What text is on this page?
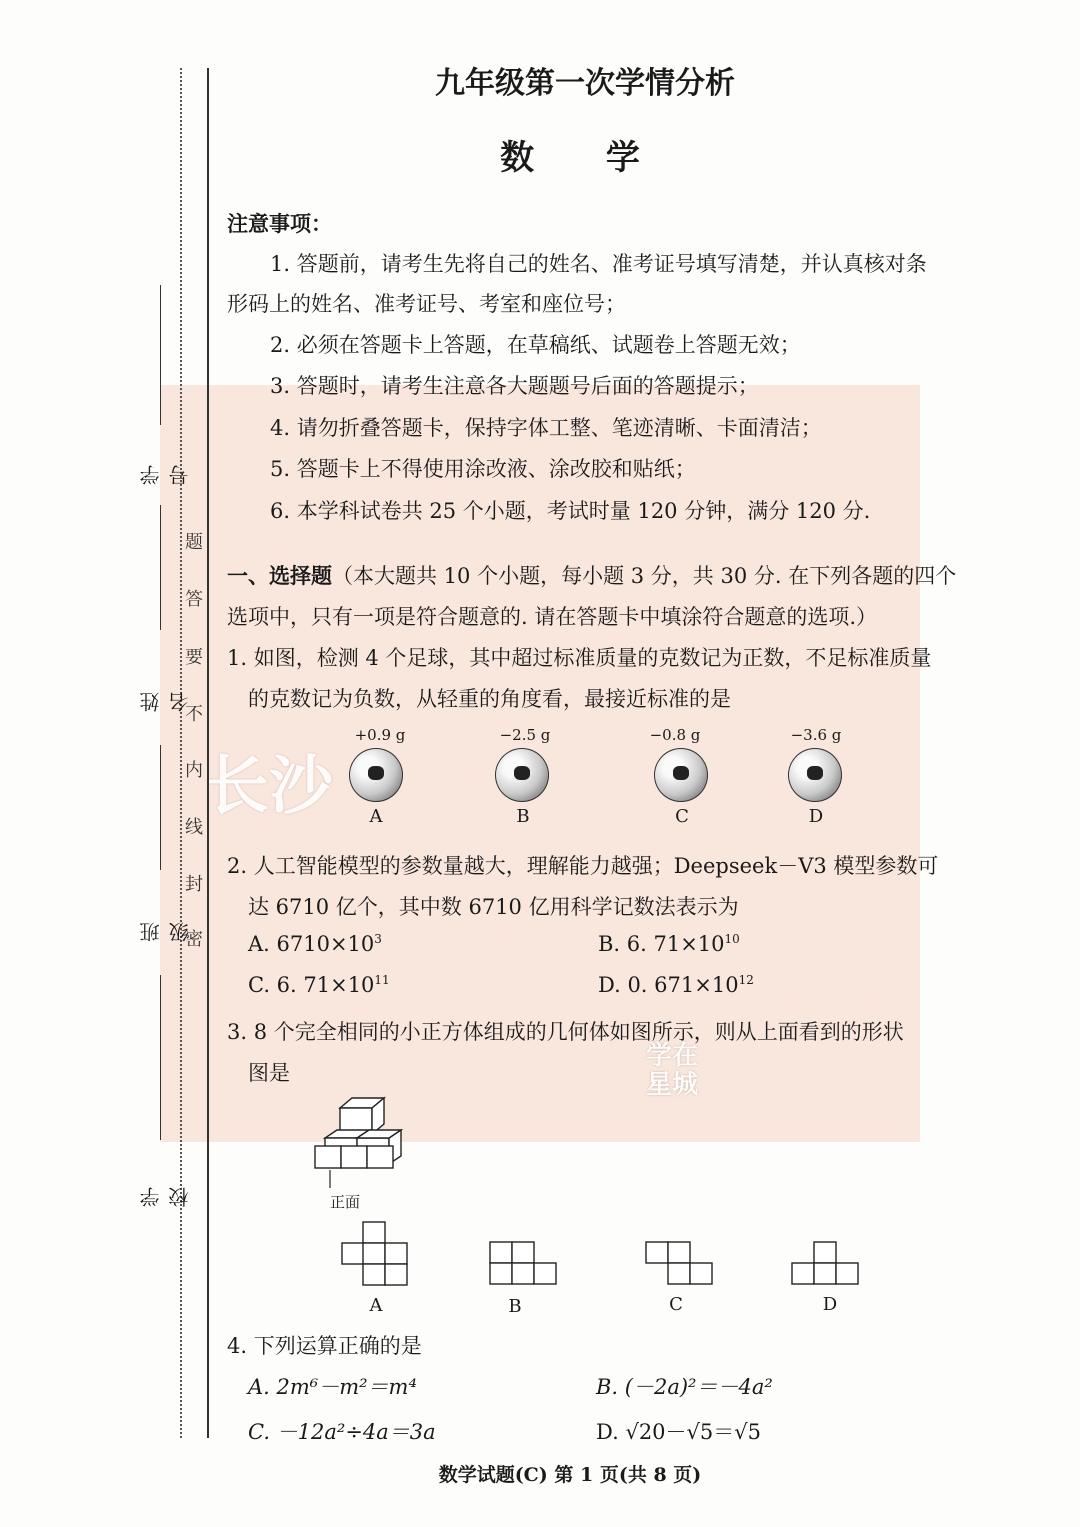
长沙
学在
星城
学 号
姓 名
班 级
学 校
题
答
要
不
内
线
封
密
九年级第一次学情分析
数 学
注意事项：
1. 答题前，请考生先将自己的姓名、准考证号填写清楚，并认真核对条
形码上的姓名、准考证号、考室和座位号；
2. 必须在答题卡上答题，在草稿纸、试题卷上答题无效；
3. 答题时，请考生注意各大题题号后面的答题提示；
4. 请勿折叠答题卡，保持字体工整、笔迹清晰、卡面清洁；
5. 答题卡上不得使用涂改液、涂改胶和贴纸；
6. 本学科试卷共 25 个小题，考试时量 120 分钟，满分 120 分.
一、选择题（本大题共 10 个小题，每小题 3 分，共 30 分. 在下列各题的四个
选项中，只有一项是符合题意的. 请在答题卡中填涂符合题意的选项.）
1. 如图，检测 4 个足球，其中超过标准质量的克数记为正数，不足标准质量
的克数记为负数，从轻重的角度看，最接近标准的是
+0.9 g
A
−2.5 g
B
−0.8 g
C
−3.6 g
D
2. 人工智能模型的参数量越大，理解能力越强；Deepseek－V3 模型参数可
达 6710 亿个，其中数 6710 亿用科学记数法表示为
A. $6710\times 10^3$	B. 6. $71\times 10^{10}$
C. 6. $71\times 10^{11}$	D. 0. $671\times 10^{12}$
3. 8 个完全相同的小正方体组成的几何体如图所示，则从上面看到的形状
图是
正面
A	B	C	D
4. 下列运算正确的是
A. 2m⁶－m²＝m⁴	B. (－2a)²＝－4a²
C. －12a²÷4a＝3a	D. √20－√5＝√5
数学试题(C) 第 1 页(共 8 页)
